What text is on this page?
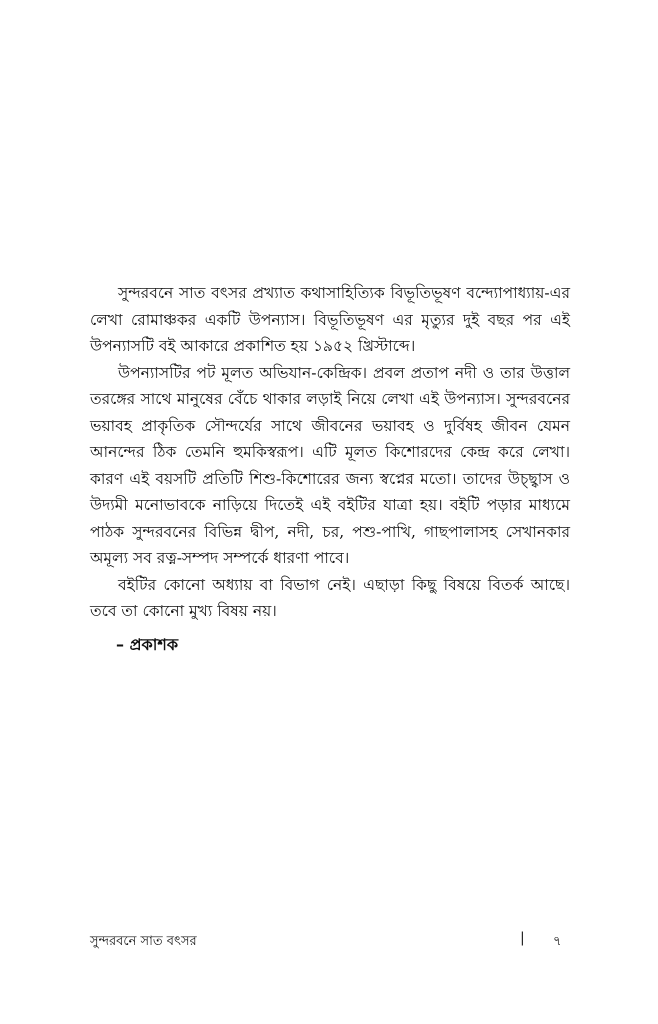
সুন্দরবনে সাত বৎসর প্রখ্যাত কথাসাহিত্যিক বিভূতিভূষণ বন্দ্যোপাধ্যায়-এর লেখা রোমাঞ্চকর একটি উপন্যাস। বিভূতিভূষণ এর মৃত্যুর দুই বছর পর এই উপন্যাসটি বই আকারে প্রকাশিত হয় ১৯৫২ খ্রিস্টাব্দে।

উপন্যাসটির পট মূলত অভিযান-কেন্দ্রিক। প্রবল প্রতাপ নদী ও তার উত্তাল তরঙ্গের সাথে মানুষের বেঁচে থাকার লড়াই নিয়ে লেখা এই উপন্যাস। সুন্দরবনের ভয়াবহ প্রাকৃতিক সৌন্দর্যের সাথে জীবনের ভয়াবহ ও দুর্বিষহ জীবন যেমন আনন্দের ঠিক তেমনি হুমকিস্বরূপ। এটি মূলত কিশোরদের কেন্দ্র করে লেখা। কারণ এই বয়সটি প্রতিটি শিশু-কিশোরের জন্য স্বপ্নের মতো। তাদের উচ্ছ্বাস ও উদ্যমী মনোভাবকে নাড়িয়ে দিতেই এই বইটির যাত্রা হয়। বইটি পড়ার মাধ্যমে পাঠক সুন্দরবনের বিভিন্ন দ্বীপ, নদী, চর, পশু-পাখি, গাছপালাসহ সেখানকার অমূল্য সব রত্ন-সম্পদ সম্পর্কে ধারণা পাবে।

বইটির কোনো অধ্যায় বা বিভাগ নেই। এছাড়া কিছু বিষয়ে বিতর্ক আছে। তবে তা কোনো মুখ্য বিষয় নয়।

– প্রকাশক
সুন্দরবনে সাত বৎসর	| ৭
